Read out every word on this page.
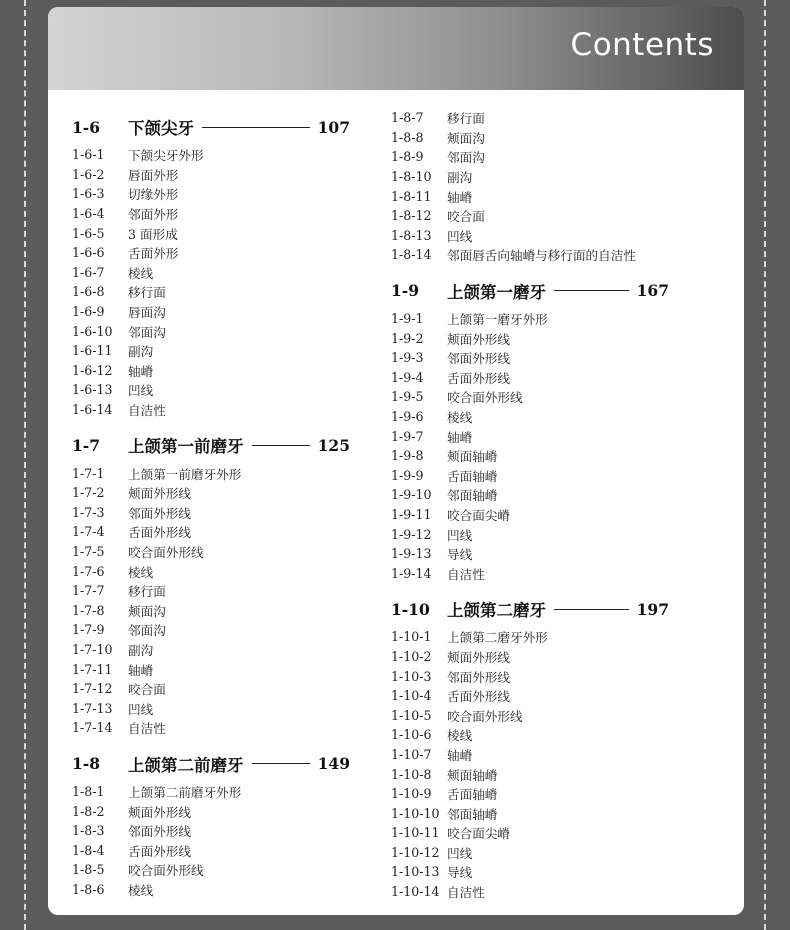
Contents
1-6	下颌尖牙	107
1-6-1	下颌尖牙外形
1-6-2	唇面外形
1-6-3	切缘外形
1-6-4	邻面外形
1-6-5	3 面形成
1-6-6	舌面外形
1-6-7	棱线
1-6-8	移行面
1-6-9	唇面沟
1-6-10	邻面沟
1-6-11	副沟
1-6-12	轴嵴
1-6-13	凹线
1-6-14	自洁性
1-7	上颌第一前磨牙	125
1-7-1	上颌第一前磨牙外形
1-7-2	颊面外形线
1-7-3	邻面外形线
1-7-4	舌面外形线
1-7-5	咬合面外形线
1-7-6	棱线
1-7-7	移行面
1-7-8	颊面沟
1-7-9	邻面沟
1-7-10	副沟
1-7-11	轴嵴
1-7-12	咬合面
1-7-13	凹线
1-7-14	自洁性
1-8	上颌第二前磨牙	149
1-8-1	上颌第二前磨牙外形
1-8-2	颊面外形线
1-8-3	邻面外形线
1-8-4	舌面外形线
1-8-5	咬合面外形线
1-8-6	棱线
1-8-7	移行面
1-8-8	颊面沟
1-8-9	邻面沟
1-8-10	副沟
1-8-11	轴嵴
1-8-12	咬合面
1-8-13	凹线
1-8-14	邻面唇舌向轴嵴与移行面的自洁性
1-9	上颌第一磨牙	167
1-9-1	上颌第一磨牙外形
1-9-2	颊面外形线
1-9-3	邻面外形线
1-9-4	舌面外形线
1-9-5	咬合面外形线
1-9-6	棱线
1-9-7	轴嵴
1-9-8	颊面轴嵴
1-9-9	舌面轴嵴
1-9-10	邻面轴嵴
1-9-11	咬合面尖嵴
1-9-12	凹线
1-9-13	导线
1-9-14	自洁性
1-10	上颌第二磨牙	197
1-10-1	上颌第二磨牙外形
1-10-2	颊面外形线
1-10-3	邻面外形线
1-10-4	舌面外形线
1-10-5	咬合面外形线
1-10-6	棱线
1-10-7	轴嵴
1-10-8	颊面轴嵴
1-10-9	舌面轴嵴
1-10-10 邻面轴嵴
1-10-11 咬合面尖嵴
1-10-12 凹线
1-10-13 导线
1-10-14 自洁性
